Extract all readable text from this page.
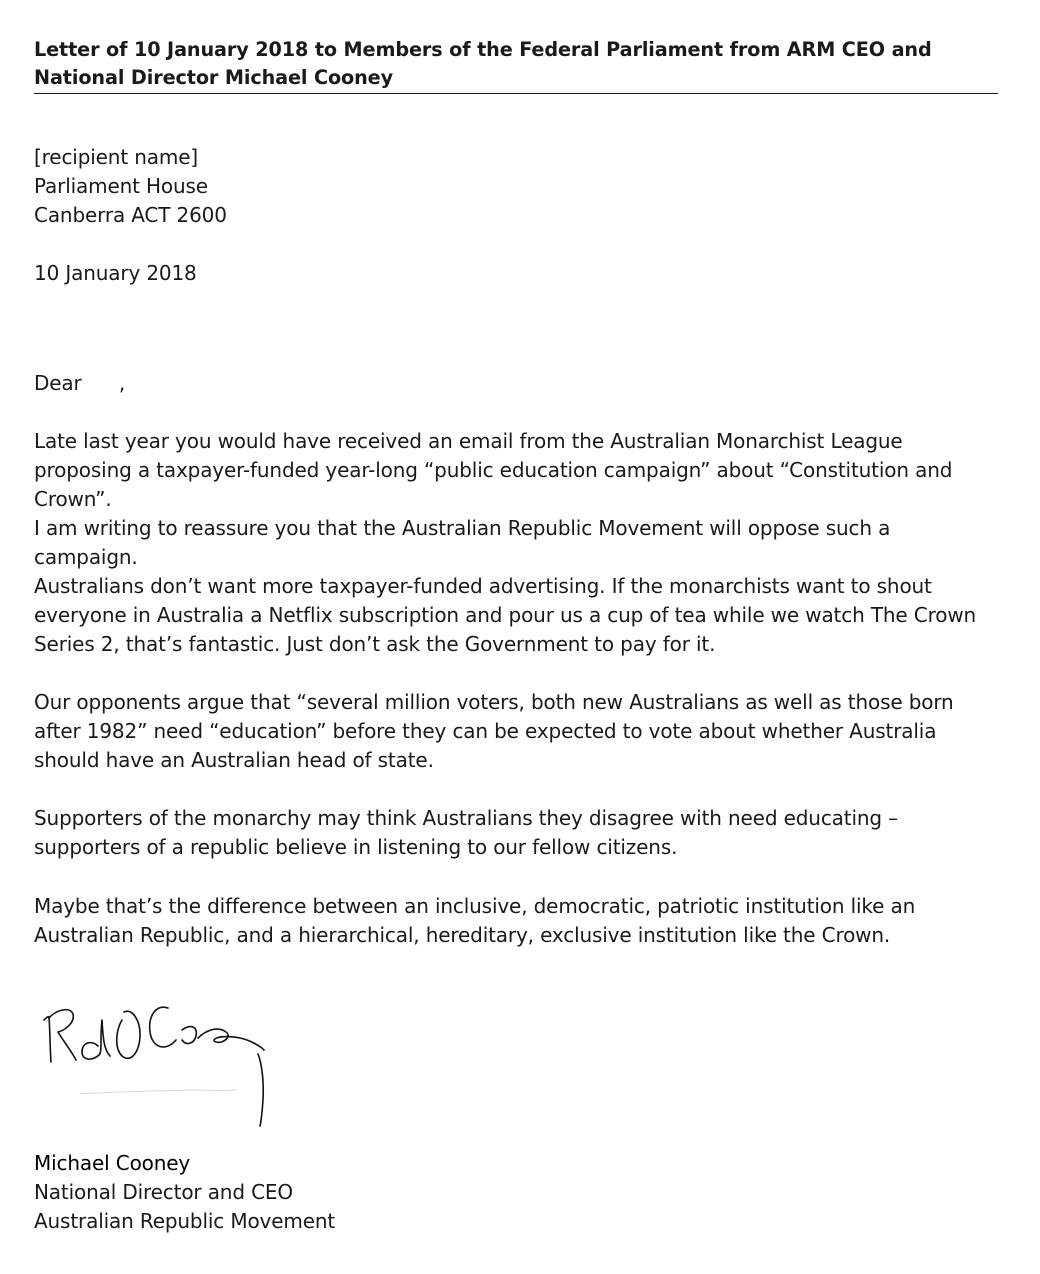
Letter of 10 January 2018 to Members of the Federal Parliament from ARM CEO and National Director Michael Cooney
[recipient name]
Parliament House
Canberra ACT 2600

10 January 2018

Dear      ,

Late last year you would have received an email from the Australian Monarchist League proposing a taxpayer-funded year-long “public education campaign” about “Constitution and Crown”.

I am writing to reassure you that the Australian Republic Movement will oppose such a campaign.

Australians don’t want more taxpayer-funded advertising. If the monarchists want to shout everyone in Australia a Netflix subscription and pour us a cup of tea while we watch The Crown Series 2, that’s fantastic. Just don’t ask the Government to pay for it.

Our opponents argue that “several million voters, both new Australians as well as those born after 1982” need “education” before they can be expected to vote about whether Australia should have an Australian head of state.

Supporters of the monarchy may think Australians they disagree with need educating – supporters of a republic believe in listening to our fellow citizens.

Maybe that’s the difference between an inclusive, democratic, patriotic institution like an Australian Republic, and a hierarchical, hereditary, exclusive institution like the Crown.

Michael Cooney
National Director and CEO
Australian Republic Movement
